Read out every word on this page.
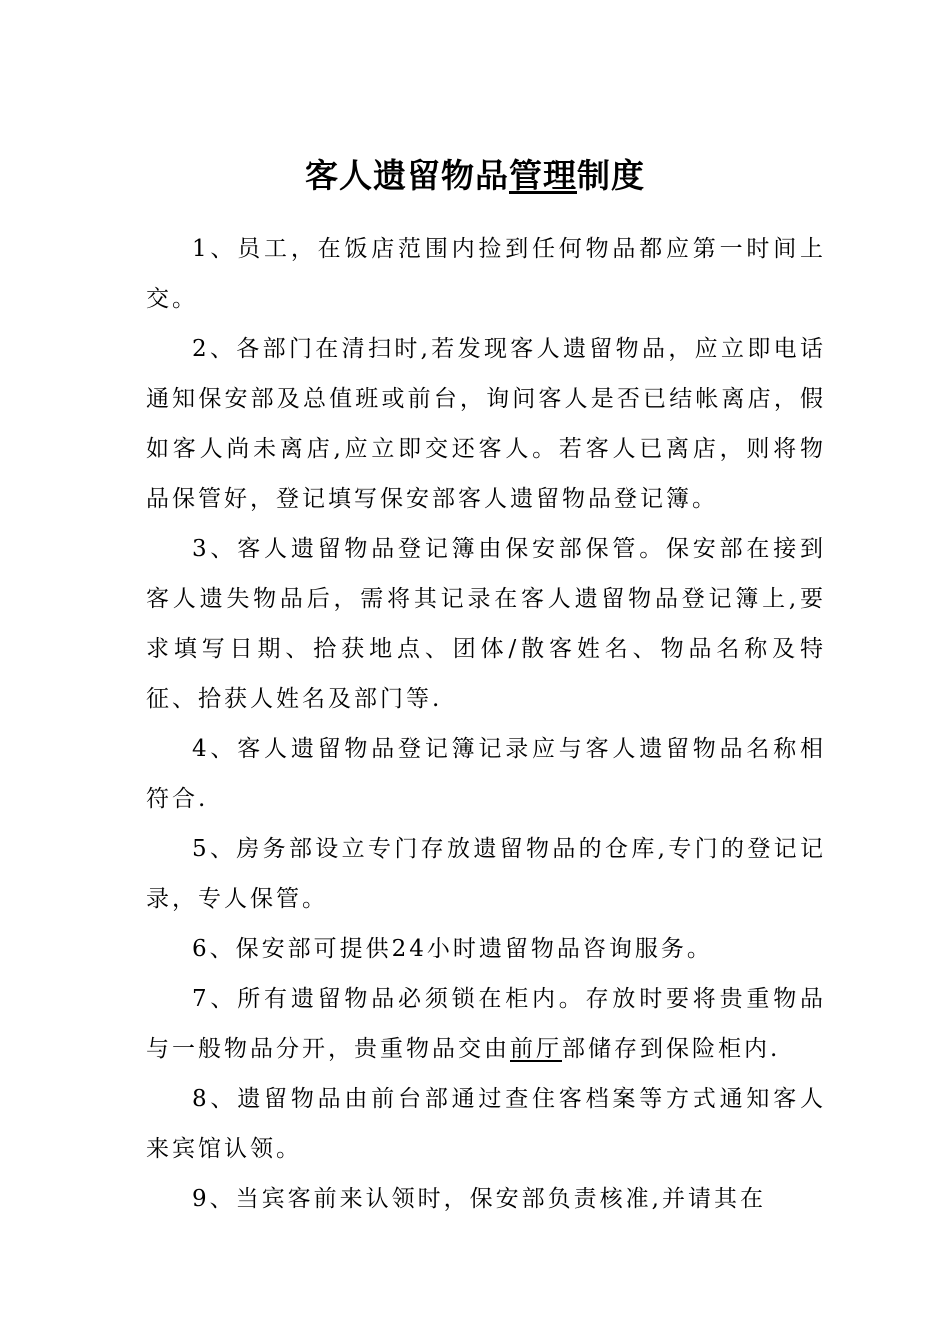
客人遗留物品管理制度

1、员工，在饭店范围内捡到任何物品都应第一时间上交。

2、各部门在清扫时,若发现客人遗留物品，应立即电话通知保安部及总值班或前台，询问客人是否已结帐离店，假如客人尚未离店,应立即交还客人。若客人已离店，则将物品保管好，登记填写保安部客人遗留物品登记簿。

3、客人遗留物品登记簿由保安部保管。保安部在接到客人遗失物品后，需将其记录在客人遗留物品登记簿上,要求填写日期、拾获地点、团体/散客姓名、物品名称及特征、拾获人姓名及部门等.

4、客人遗留物品登记簿记录应与客人遗留物品名称相符合.

5、房务部设立专门存放遗留物品的仓库,专门的登记记录，专人保管。

6、保安部可提供24小时遗留物品咨询服务。

7、所有遗留物品必须锁在柜内。存放时要将贵重物品与一般物品分开，贵重物品交由前厅部储存到保险柜内.

8、遗留物品由前台部通过查住客档案等方式通知客人来宾馆认领。

9、当宾客前来认领时，保安部负责核准,并请其在
